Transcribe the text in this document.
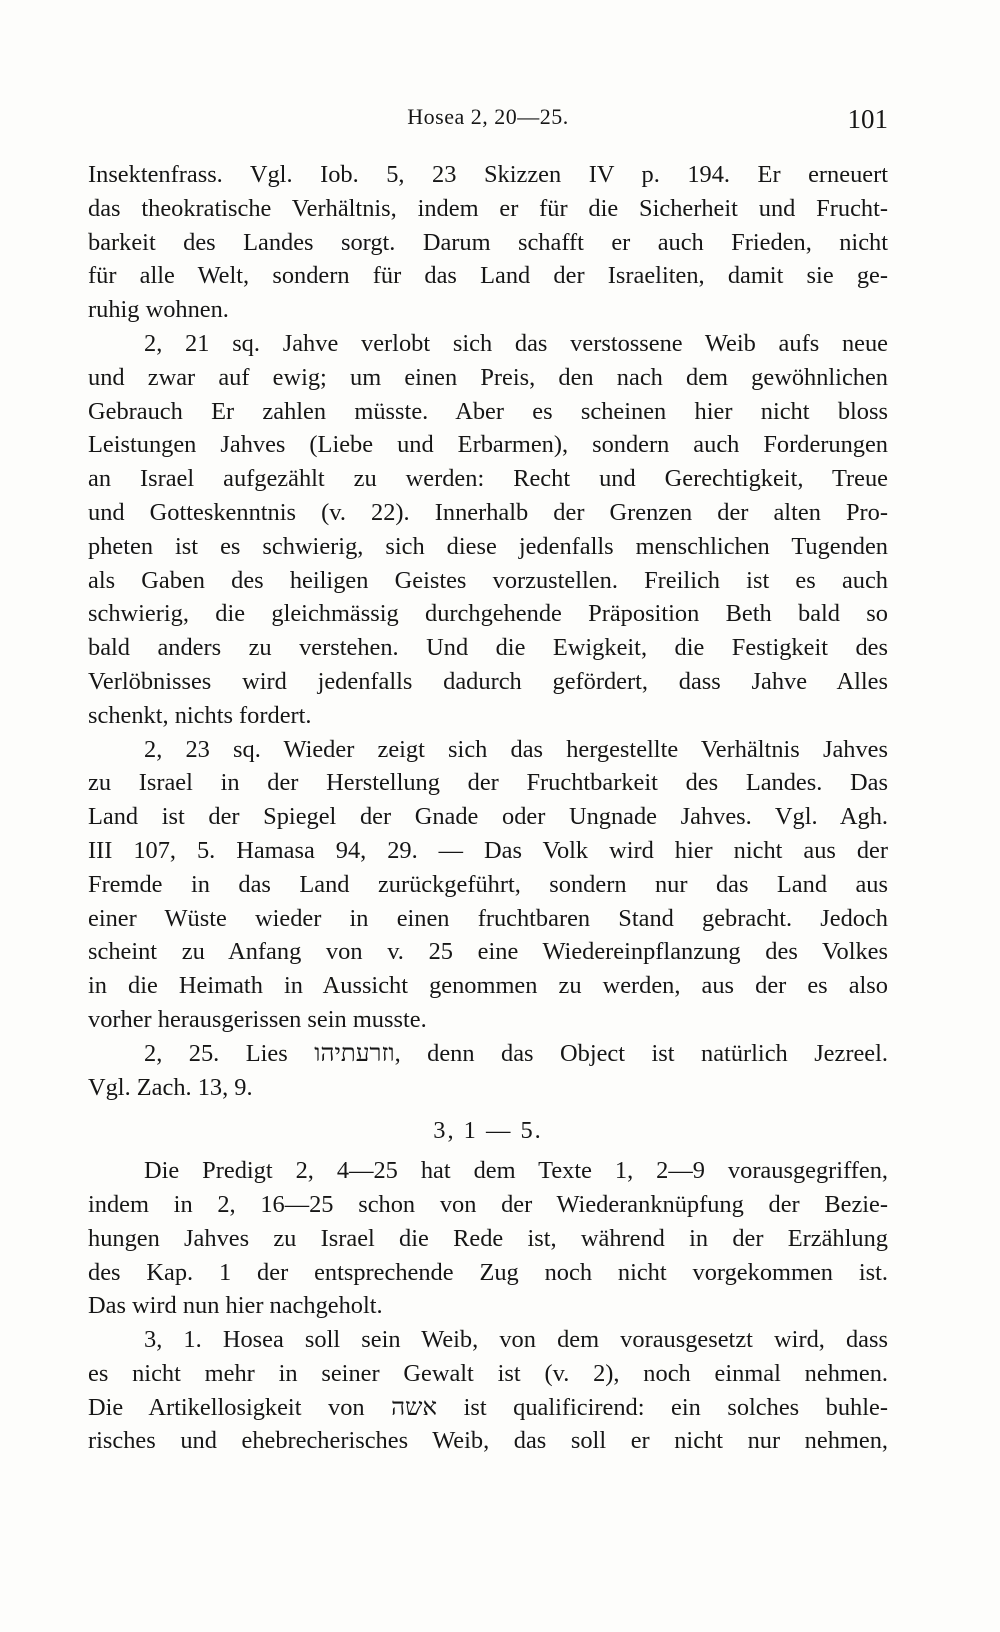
Hosea 2, 20—25.	101
Insektenfrass. Vgl. Iob. 5, 23 Skizzen IV p. 194. Er erneuert
das theokratische Verhältnis, indem er für die Sicherheit und Frucht-
barkeit des Landes sorgt. Darum schafft er auch Frieden, nicht
für alle Welt, sondern für das Land der Israeliten, damit sie ge-
ruhig wohnen.
2, 21 sq. Jahve verlobt sich das verstossene Weib aufs neue
und zwar auf ewig; um einen Preis, den nach dem gewöhnlichen
Gebrauch Er zahlen müsste. Aber es scheinen hier nicht bloss
Leistungen Jahves (Liebe und Erbarmen), sondern auch Forderungen
an Israel aufgezählt zu werden: Recht und Gerechtigkeit, Treue
und Gotteskenntnis (v. 22). Innerhalb der Grenzen der alten Pro-
pheten ist es schwierig, sich diese jedenfalls menschlichen Tugenden
als Gaben des heiligen Geistes vorzustellen. Freilich ist es auch
schwierig, die gleichmässig durchgehende Präposition Beth bald so
bald anders zu verstehen. Und die Ewigkeit, die Festigkeit des
Verlöbnisses wird jedenfalls dadurch gefördert, dass Jahve Alles
schenkt, nichts fordert.
2, 23 sq. Wieder zeigt sich das hergestellte Verhältnis Jahves
zu Israel in der Herstellung der Fruchtbarkeit des Landes. Das
Land ist der Spiegel der Gnade oder Ungnade Jahves. Vgl. Agh.
III 107, 5. Hamasa 94, 29. — Das Volk wird hier nicht aus der
Fremde in das Land zurückgeführt, sondern nur das Land aus
einer Wüste wieder in einen fruchtbaren Stand gebracht. Jedoch
scheint zu Anfang von v. 25 eine Wiedereinpflanzung des Volkes
in die Heimath in Aussicht genommen zu werden, aus der es also
vorher herausgerissen sein musste.
2, 25. Lies וזרעתיהו, denn das Object ist natürlich Jezreel.
Vgl. Zach. 13, 9.
3, 1 — 5.
Die Predigt 2, 4—25 hat dem Texte 1, 2—9 vorausgegriffen,
indem in 2, 16—25 schon von der Wiederanknüpfung der Bezie-
hungen Jahves zu Israel die Rede ist, während in der Erzählung
des Kap. 1 der entsprechende Zug noch nicht vorgekommen ist.
Das wird nun hier nachgeholt.
3, 1. Hosea soll sein Weib, von dem vorausgesetzt wird, dass
es nicht mehr in seiner Gewalt ist (v. 2), noch einmal nehmen.
Die Artikellosigkeit von אשה ist qualificirend: ein solches buhle-
risches und ehebrecherisches Weib, das soll er nicht nur nehmen,
